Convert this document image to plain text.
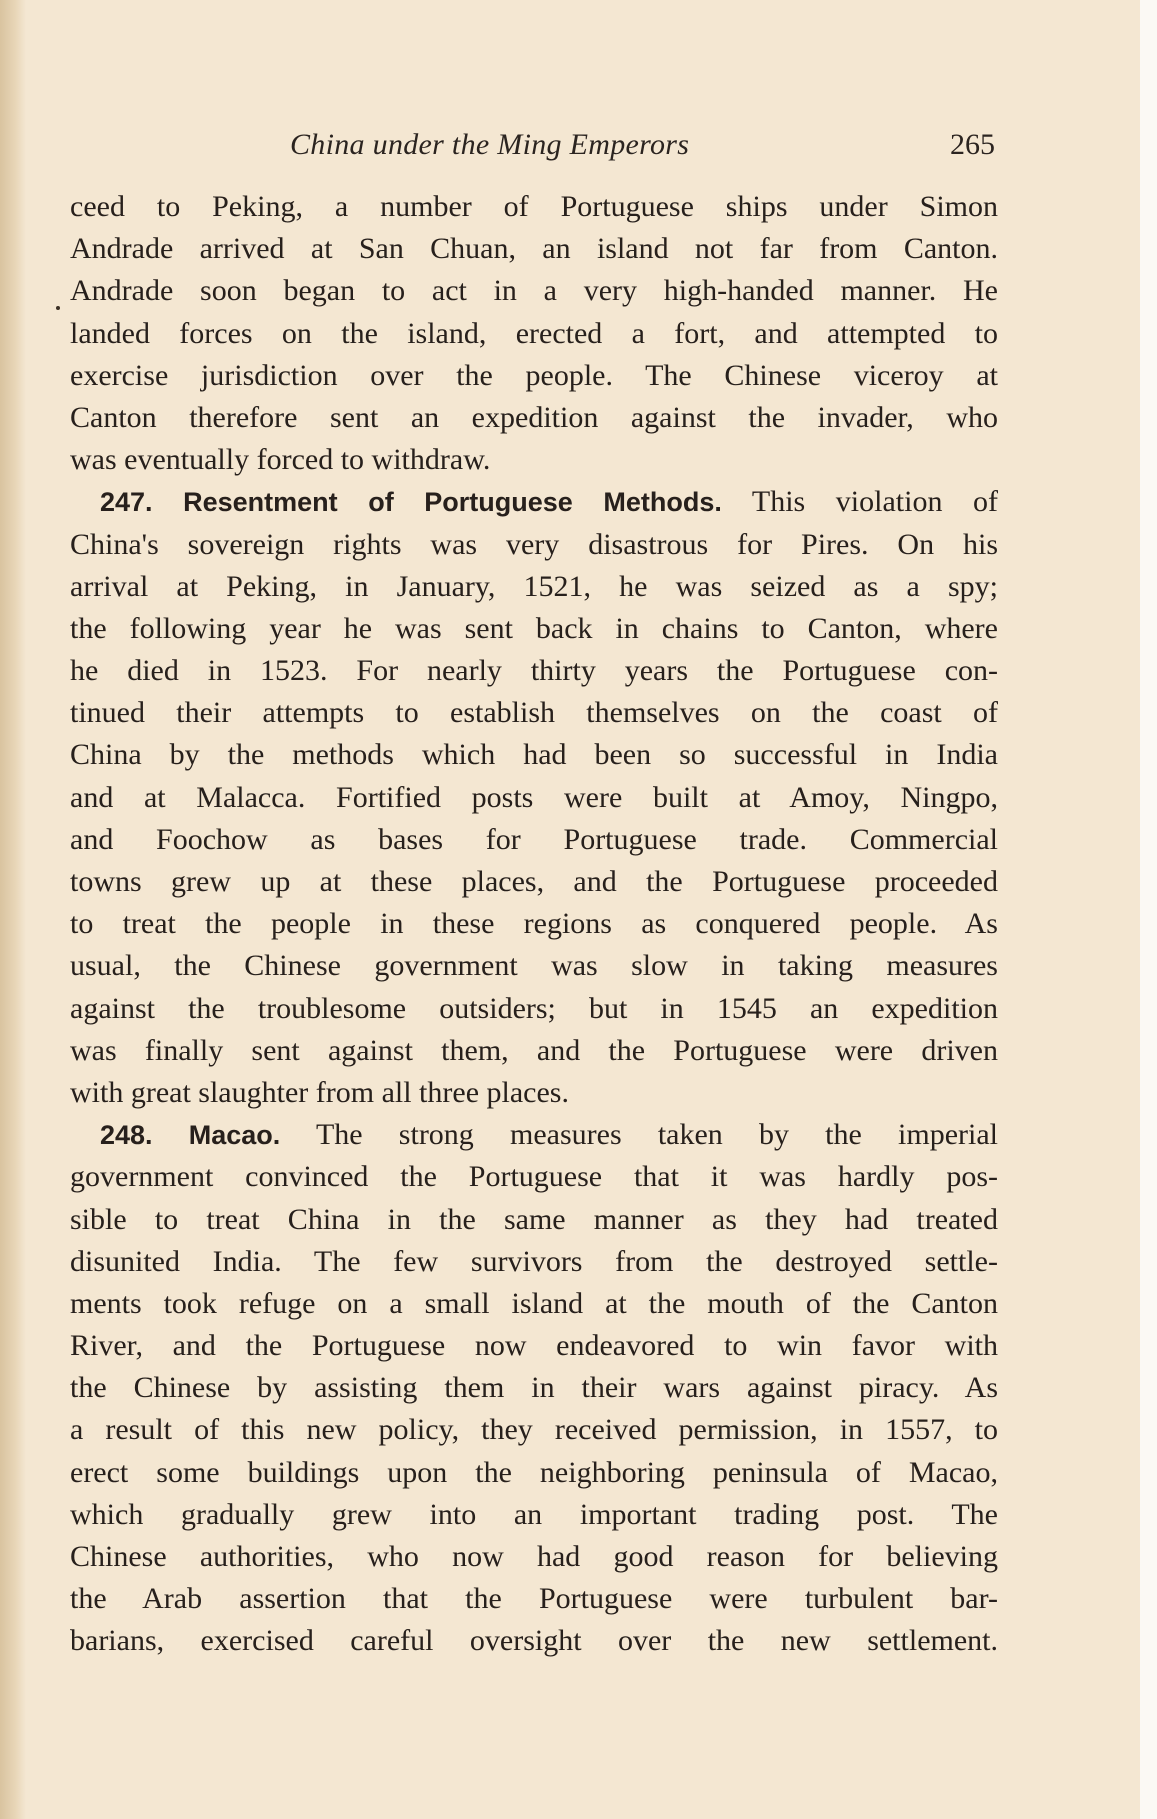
China under the Ming Emperors	265
ceed to Peking, a number of Portuguese ships under Simon
Andrade arrived at San Chuan, an island not far from Canton.
Andrade soon began to act in a very high-handed manner. He
landed forces on the island, erected a fort, and attempted to
exercise jurisdiction over the people. The Chinese viceroy at
Canton therefore sent an expedition against the invader, who
was eventually forced to withdraw.
247. Resentment of Portuguese Methods. This violation of
China's sovereign rights was very disastrous for Pires. On his
arrival at Peking, in January, 1521, he was seized as a spy;
the following year he was sent back in chains to Canton, where
he died in 1523. For nearly thirty years the Portuguese con-
tinued their attempts to establish themselves on the coast of
China by the methods which had been so successful in India
and at Malacca. Fortified posts were built at Amoy, Ningpo,
and Foochow as bases for Portuguese trade. Commercial
towns grew up at these places, and the Portuguese proceeded
to treat the people in these regions as conquered people. As
usual, the Chinese government was slow in taking measures
against the troublesome outsiders; but in 1545 an expedition
was finally sent against them, and the Portuguese were driven
with great slaughter from all three places.
248. Macao. The strong measures taken by the imperial
government convinced the Portuguese that it was hardly pos-
sible to treat China in the same manner as they had treated
disunited India. The few survivors from the destroyed settle-
ments took refuge on a small island at the mouth of the Canton
River, and the Portuguese now endeavored to win favor with
the Chinese by assisting them in their wars against piracy. As
a result of this new policy, they received permission, in 1557, to
erect some buildings upon the neighboring peninsula of Macao,
which gradually grew into an important trading post. The
Chinese authorities, who now had good reason for believing
the Arab assertion that the Portuguese were turbulent bar-
barians, exercised careful oversight over the new settlement.
